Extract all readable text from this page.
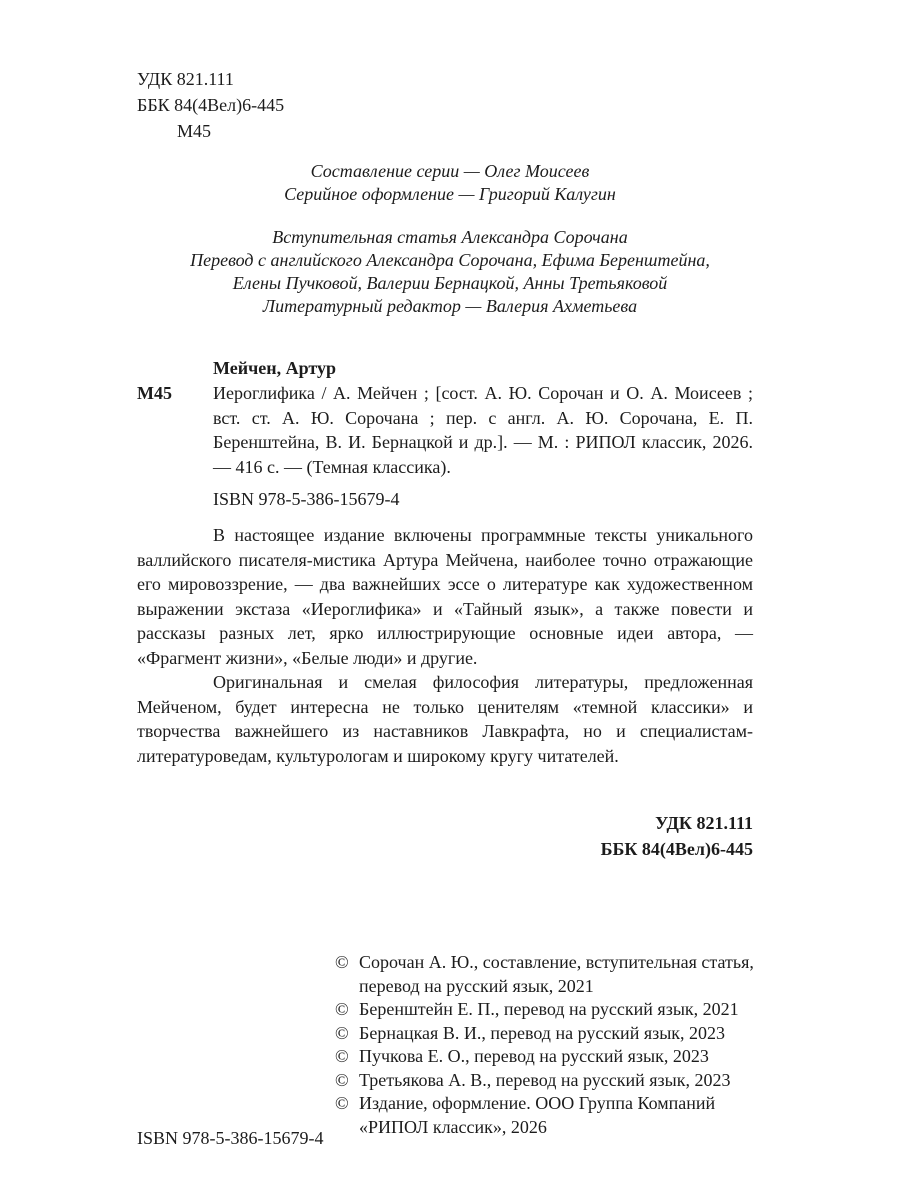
УДК 821.111
ББК 84(4Вел)6-445
М45
Составление серии — Олег Моисеев
Серийное оформление — Григорий Калугин
Вступительная статья Александра Сорочана
Перевод с английского Александра Сорочана, Ефима Беренштейна,
Елены Пучковой, Валерии Бернацкой, Анны Третьяковой
Литературный редактор — Валерия Ахметьева
Мейчен, Артур
М45 Иероглифика / А. Мейчен ; [сост. А. Ю. Сорочан и О. А. Моисеев ; вст. ст. А. Ю. Сорочана ; пер. с англ. А. Ю. Сорочана, Е. П. Беренштейна, В. И. Бернацкой и др.]. — М. : РИПОЛ классик, 2026. — 416 с. — (Темная классика).
ISBN 978-5-386-15679-4

В настоящее издание включены программные тексты уникального валлийского писателя-мистика Артура Мейчена, наиболее точно отражающие его мировоззрение, — два важнейших эссе о литературе как художественном выражении экстаза «Иероглифика» и «Тайный язык», а также повести и рассказы разных лет, ярко иллюстрирующие основные идеи автора, — «Фрагмент жизни», «Белые люди» и другие.

Оригинальная и смелая философия литературы, предложенная Мейченом, будет интересна не только ценителям «темной классики» и творчества важнейшего из наставников Лавкрафта, но и специалистам-литературоведам, культурологам и широкому кругу читателей.

УДК 821.111
ББК 84(4Вел)6-445
© Сорочан А. Ю., составление, вступительная статья, перевод на русский язык, 2021
© Беренштейн Е. П., перевод на русский язык, 2021
© Бернацкая В. И., перевод на русский язык, 2023
© Пучкова Е. О., перевод на русский язык, 2023
© Третьякова А. В., перевод на русский язык, 2023
© Издание, оформление. ООО Группа Компаний «РИПОЛ классик», 2026
ISBN 978-5-386-15679-4
